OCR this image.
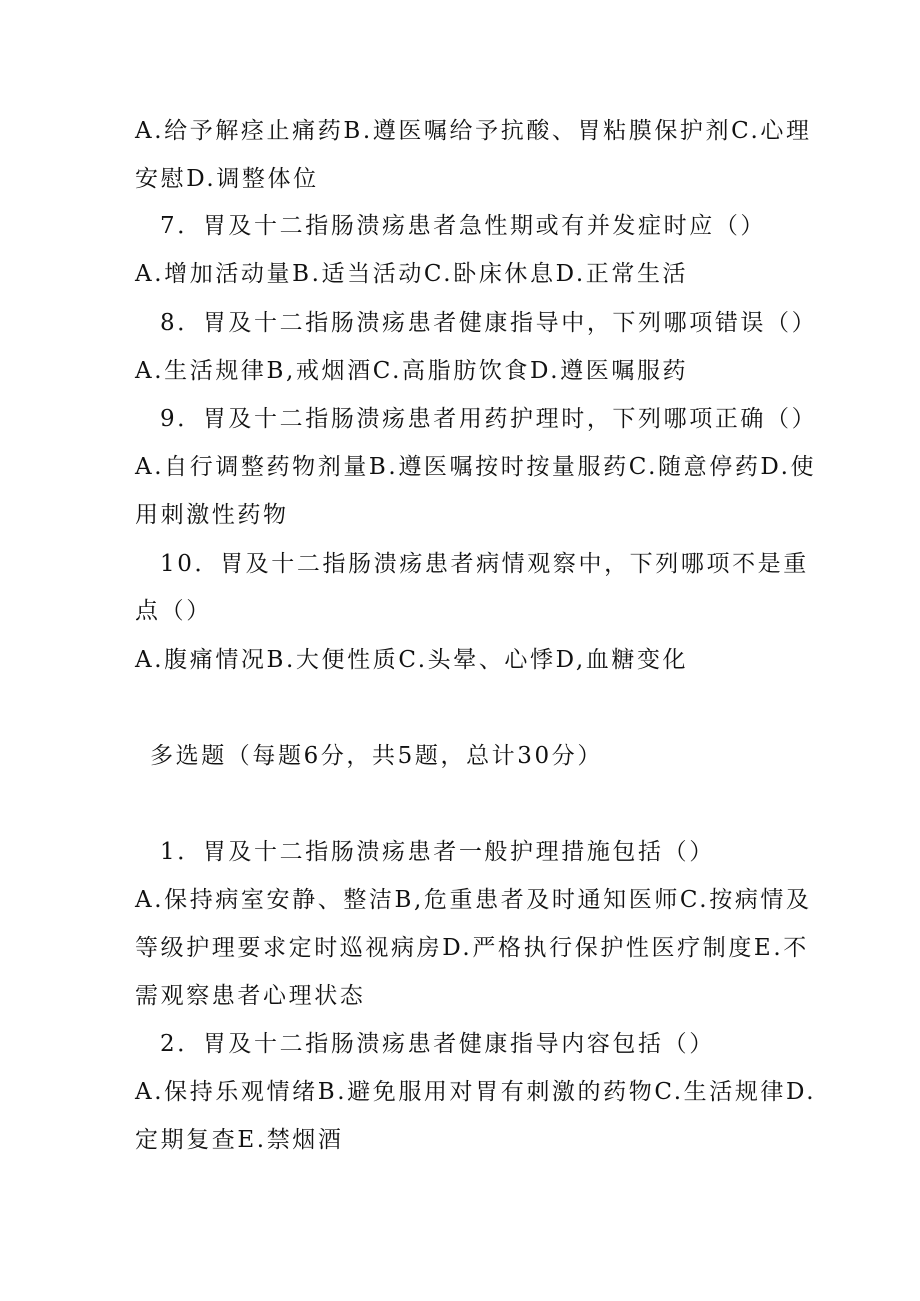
A.给予解痉止痛药B.遵医嘱给予抗酸、胃粘膜保护剂C.心理
安慰D.调整体位
7．胃及十二指肠溃疡患者急性期或有并发症时应（）
A.增加活动量B.适当活动C.卧床休息D.正常生活
8．胃及十二指肠溃疡患者健康指导中，下列哪项错误（）
A.生活规律B,戒烟酒C.高脂肪饮食D.遵医嘱服药
9．胃及十二指肠溃疡患者用药护理时，下列哪项正确（）
A.自行调整药物剂量B.遵医嘱按时按量服药C.随意停药D.使
用刺激性药物
10．胃及十二指肠溃疡患者病情观察中，下列哪项不是重
点（）
A.腹痛情况B.大便性质C.头晕、心悸D,血糖变化
多选题（每题6分，共5题，总计30分）
1．胃及十二指肠溃疡患者一般护理措施包括（）
A.保持病室安静、整洁B,危重患者及时通知医师C.按病情及
等级护理要求定时巡视病房D.严格执行保护性医疗制度E.不
需观察患者心理状态
2．胃及十二指肠溃疡患者健康指导内容包括（）
A.保持乐观情绪B.避免服用对胃有刺激的药物C.生活规律D.
定期复查E.禁烟酒
